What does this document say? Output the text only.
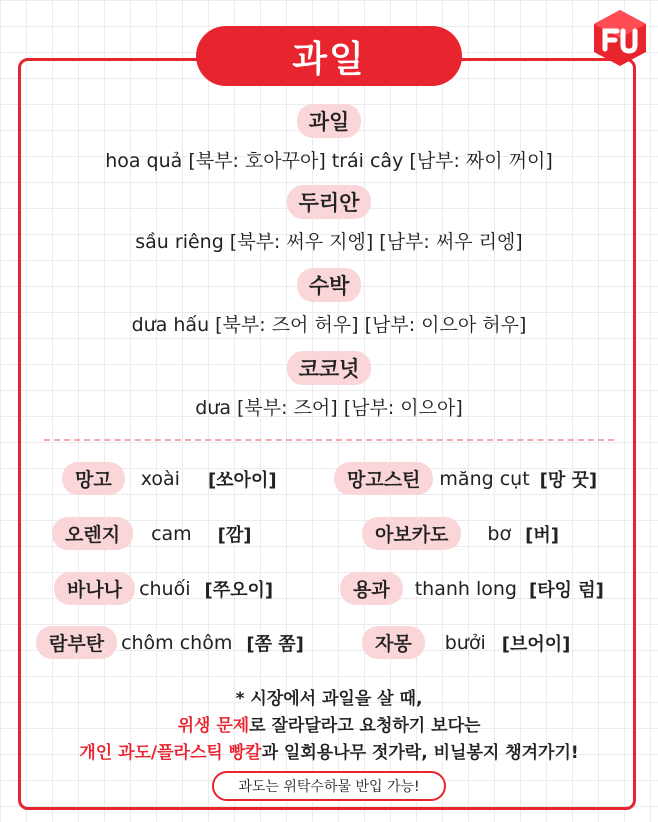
과일
과일
hoa quả [북부: 호아꾸아] trái cây [남부: 짜이 꺼이]
두리안
sầu riêng [북부: 써우 지엥] [남부: 써우 리엥]
수박
dưa hấu [북부: 즈어 허우] [남부: 이으아 허우]
코코넛
dưa [북부: 즈어] [남부: 이으아]
망고	xoài [쏘아이]	망고스틴	măng cụt [망 꿋]
오렌지	cam [깜]	아보카도	bơ [버]
바나나 chuối [쭈오이]	용과	thanh long [타잉 럼]
람부탄 chôm chôm [쫌 쫌]	자몽	bưởi [브어이]
* 시장에서 과일을 살 때,
위생 문제로 잘라달라고 요청하기 보다는
개인 과도/플라스틱 빵칼과 일회용나무 젓가락, 비닐봉지 챙겨가기!
과도는 위탁수하물 반입 가능!
